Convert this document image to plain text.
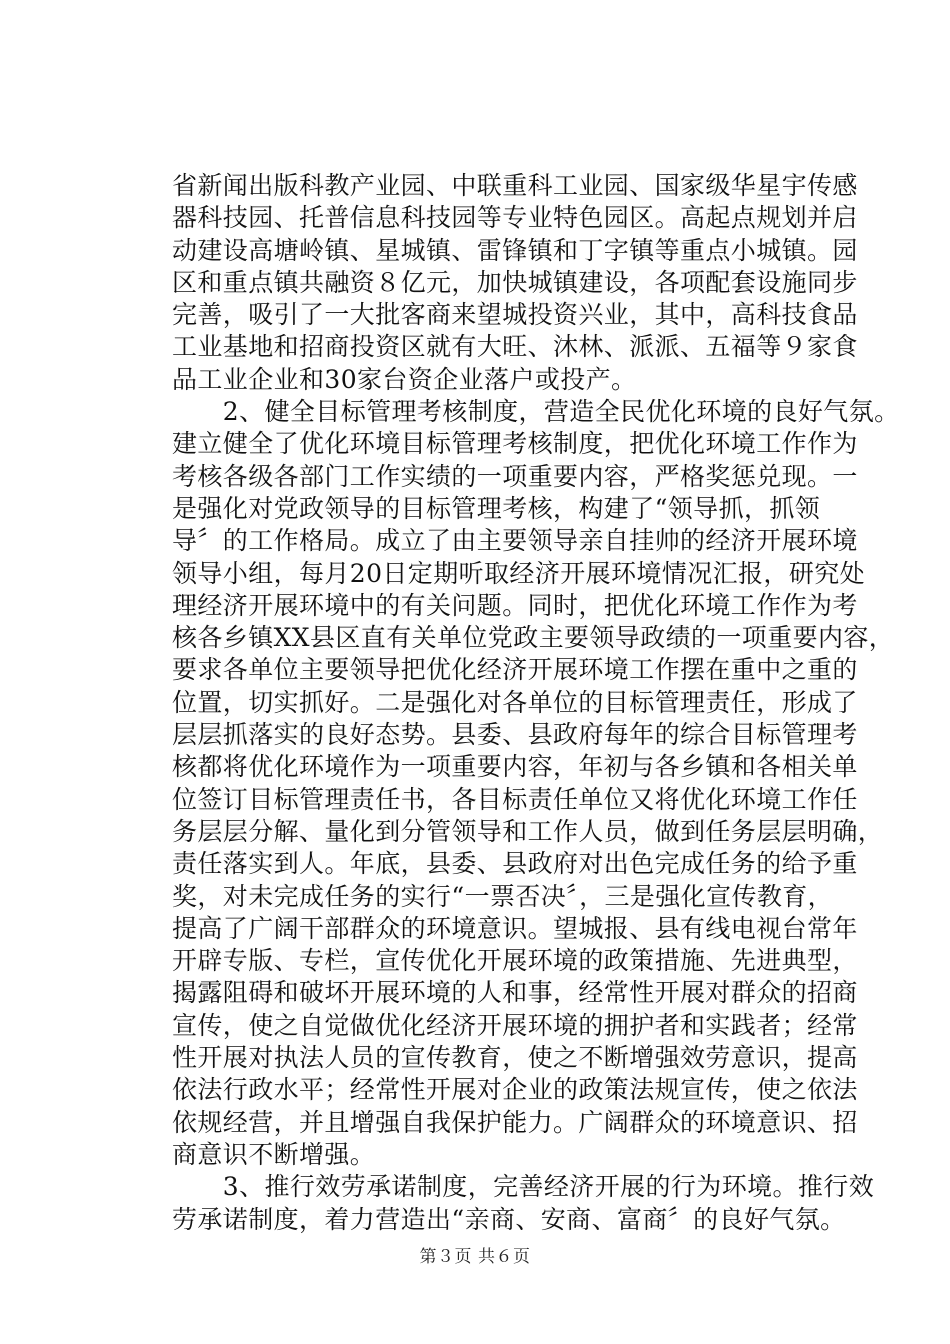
省新闻出版科教产业园、中联重科工业园、国家级华星宇传感
器科技园、托普信息科技园等专业特色园区。高起点规划并启
动建设高塘岭镇、星城镇、雷锋镇和丁字镇等重点小城镇。园
区和重点镇共融资８亿元，加快城镇建设，各项配套设施同步
完善，吸引了一大批客商来望城投资兴业，其中，高科技食品
工业基地和招商投资区就有大旺、沐林、派派、五福等９家食
品工业企业和30家台资企业落户或投产。
　　2、健全目标管理考核制度，营造全民优化环境的良好气氛。
建立健全了优化环境目标管理考核制度，把优化环境工作作为
考核各级各部门工作实绩的一项重要内容，严格奖惩兑现。一
是强化对党政领导的目标管理考核，构建了“领导抓，抓领
导〞的工作格局。成立了由主要领导亲自挂帅的经济开展环境
领导小组，每月20日定期听取经济开展环境情况汇报，研究处
理经济开展环境中的有关问题。同时，把优化环境工作作为考
核各乡镇XX县区直有关单位党政主要领导政绩的一项重要内容，
要求各单位主要领导把优化经济开展环境工作摆在重中之重的
位置，切实抓好。二是强化对各单位的目标管理责任，形成了
层层抓落实的良好态势。县委、县政府每年的综合目标管理考
核都将优化环境作为一项重要内容，年初与各乡镇和各相关单
位签订目标管理责任书，各目标责任单位又将优化环境工作任
务层层分解、量化到分管领导和工作人员，做到任务层层明确，
责任落实到人。年底，县委、县政府对出色完成任务的给予重
奖，对未完成任务的实行“一票否决〞，三是强化宣传教育，
提高了广阔干部群众的环境意识。望城报、县有线电视台常年
开辟专版、专栏，宣传优化开展环境的政策措施、先进典型，
揭露阻碍和破坏开展环境的人和事，经常性开展对群众的招商
宣传，使之自觉做优化经济开展环境的拥护者和实践者；经常
性开展对执法人员的宣传教育，使之不断增强效劳意识，提高
依法行政水平；经常性开展对企业的政策法规宣传，使之依法
依规经营，并且增强自我保护能力。广阔群众的环境意识、招
商意识不断增强。
　　3、推行效劳承诺制度，完善经济开展的行为环境。推行效
劳承诺制度，着力营造出“亲商、安商、富商〞的良好气氛。
第３页 共６页
